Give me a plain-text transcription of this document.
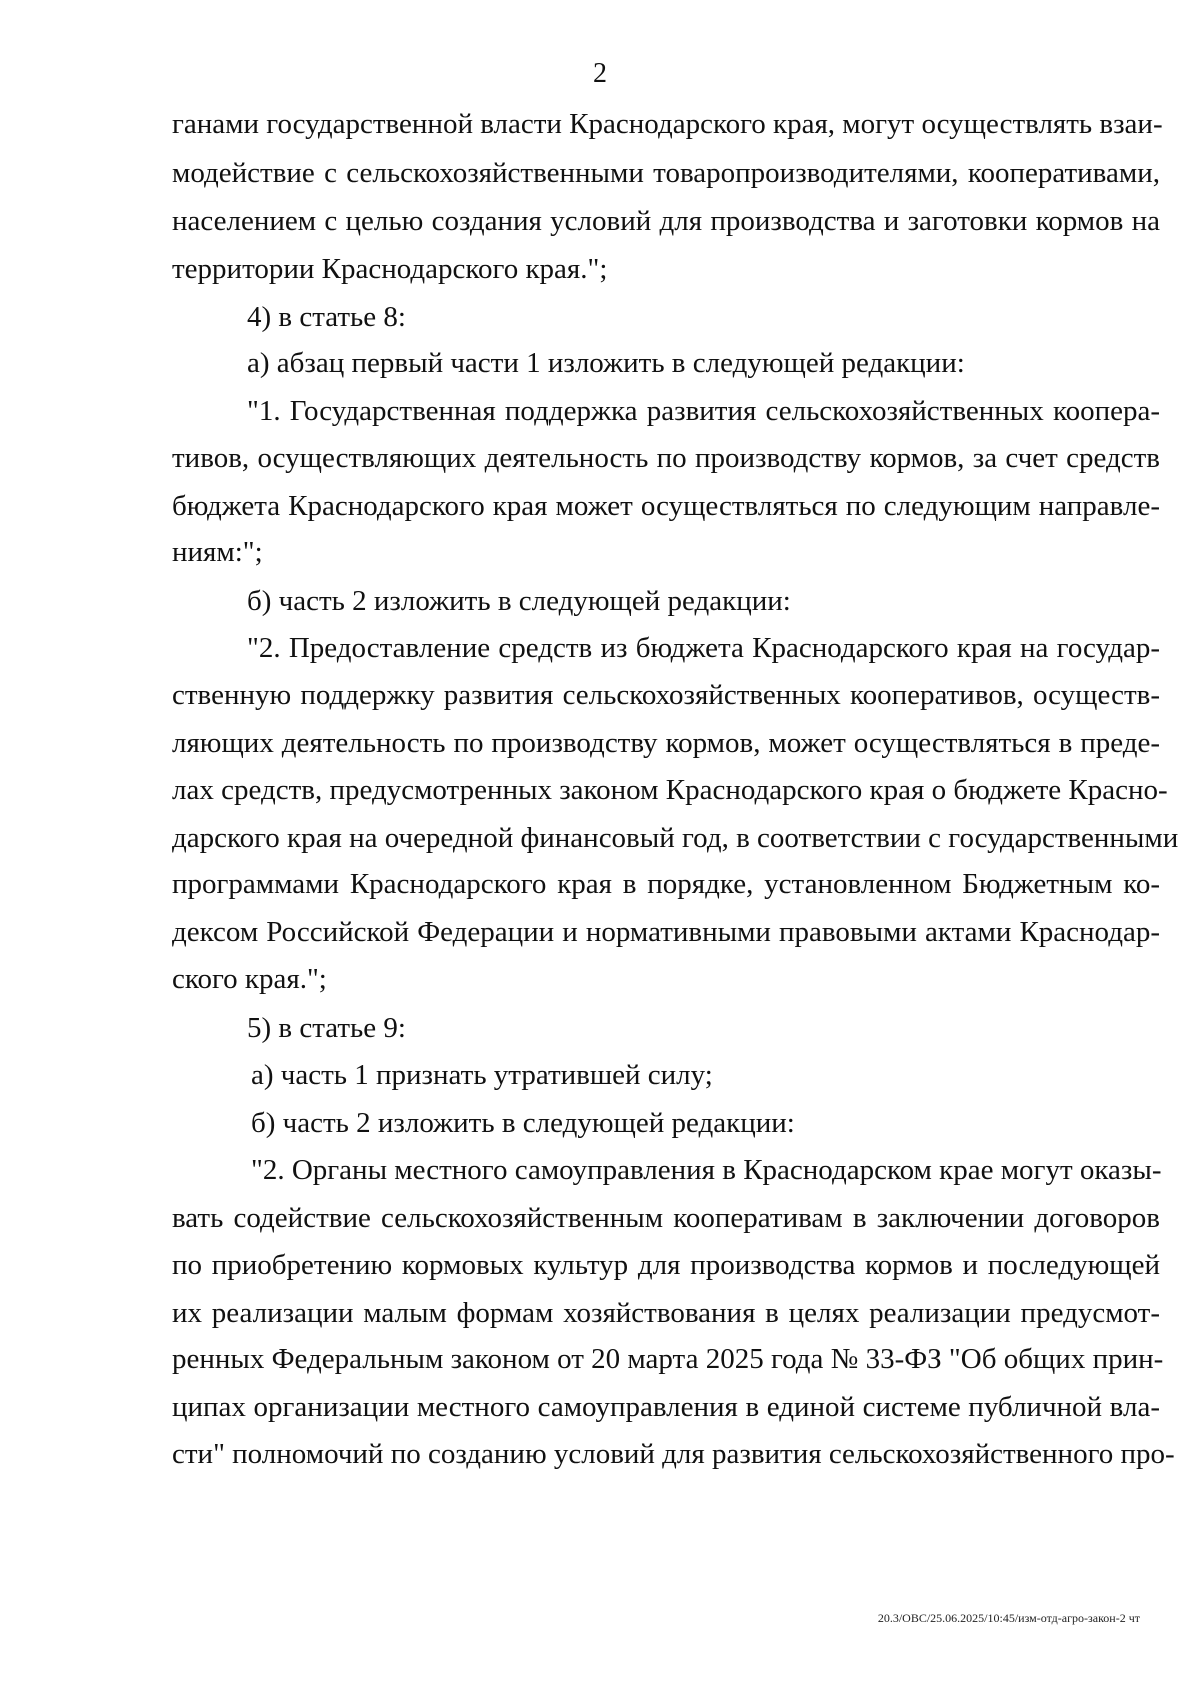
2
ганами государственной власти Краснодарского края, могут осуществлять взаи-
модействие с сельскохозяйственными товаропроизводителями, кооперативами,
населением с целью создания условий для производства и заготовки кормов на
территории Краснодарского края.";
4) в статье 8:
а) абзац первый части 1 изложить в следующей редакции:
"1. Государственная поддержка развития сельскохозяйственных коопера-
тивов, осуществляющих деятельность по производству кормов, за счет средств
бюджета Краснодарского края может осуществляться по следующим направле-
ниям:";
б) часть 2 изложить в следующей редакции:
"2. Предоставление средств из бюджета Краснодарского края на государ-
ственную поддержку развития сельскохозяйственных кооперативов, осуществ-
ляющих деятельность по производству кормов, может осуществляться в преде-
лах средств, предусмотренных законом Краснодарского края о бюджете Красно-
дарского края на очередной финансовый год, в соответствии с государственными
программами Краснодарского края в порядке, установленном Бюджетным ко-
дексом Российской Федерации и нормативными правовыми актами Краснодар-
ского края.";
5) в статье 9:
а) часть 1 признать утратившей силу;
б) часть 2 изложить в следующей редакции:
"2. Органы местного самоуправления в Краснодарском крае могут оказы-
вать содействие сельскохозяйственным кооперативам в заключении договоров
по приобретению кормовых культур для производства кормов и последующей
их реализации малым формам хозяйствования в целях реализации предусмот-
ренных Федеральным законом от 20 марта 2025 года № 33-ФЗ "Об общих прин-
ципах организации местного самоуправления в единой системе публичной вла-
сти" полномочий по созданию условий для развития сельскохозяйственного про-
20.3/ОВС/25.06.2025/10:45/изм-отд-агро-закон-2 чт
